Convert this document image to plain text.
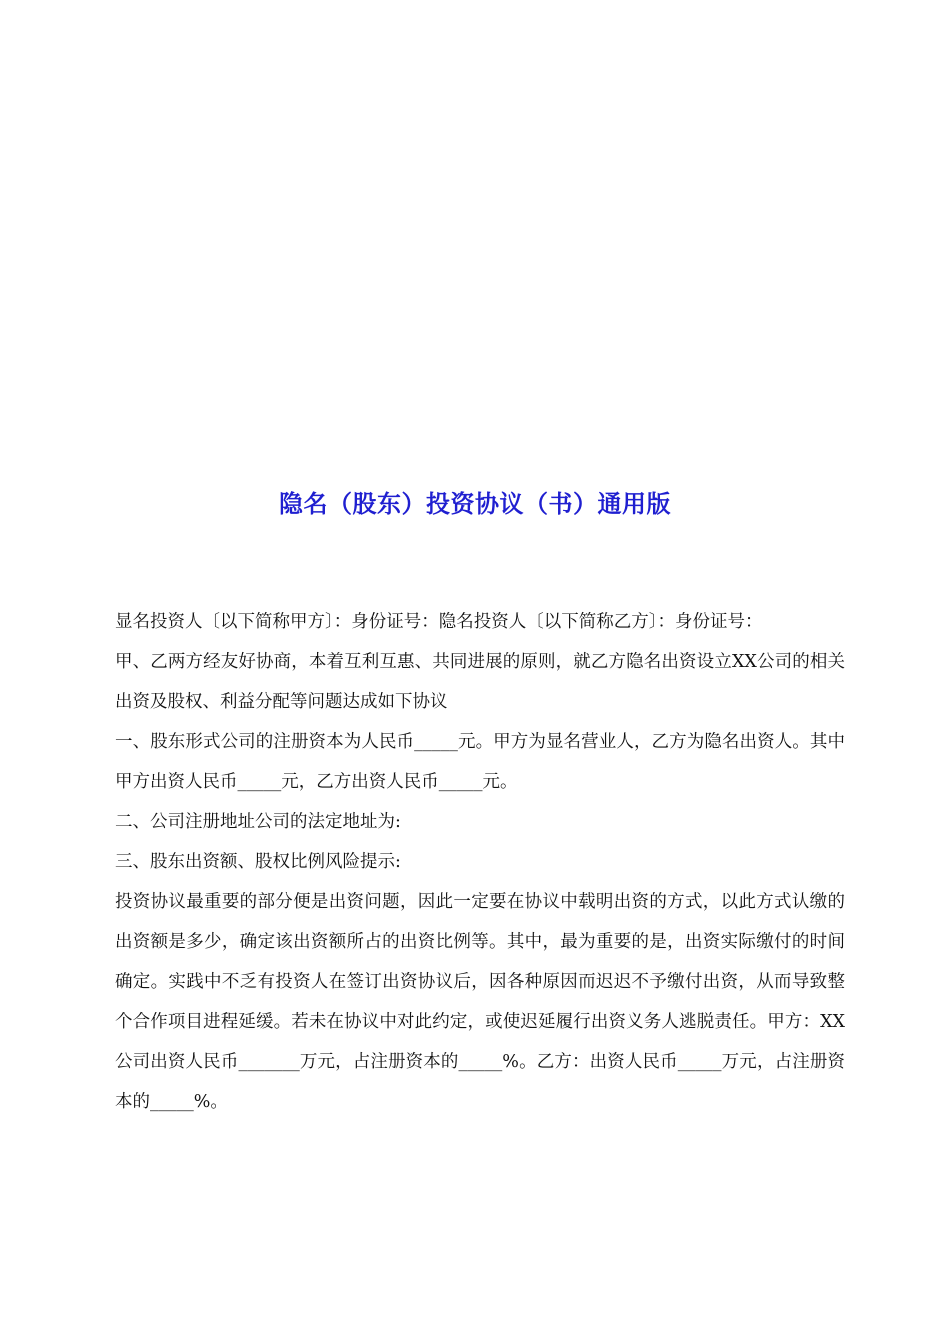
隐名（股东）投资协议（书）通用版

显名投资人〔以下简称甲方〕：身份证号：隐名投资人〔以下简称乙方〕：身份证号：

甲、乙两方经友好协商，本着互利互惠、共同进展的原则，就乙方隐名出资设立XX公司的相关出资及股权、利益分配等问题达成如下协议

一、股东形式公司的注册资本为人民币_____元。甲方为显名营业人，乙方为隐名出资人。其中甲方出资人民币_____元，乙方出资人民币_____元。

二、公司注册地址公司的法定地址为:

三、股东出资额、股权比例风险提示:

投资协议最重要的部分便是出资问题，因此一定要在协议中载明出资的方式，以此方式认缴的出资额是多少，确定该出资额所占的出资比例等。其中，最为重要的是，出资实际缴付的时间确定。实践中不乏有投资人在签订出资协议后，因各种原因而迟迟不予缴付出资，从而导致整个合作项目进程延缓。若未在协议中对此约定，或使迟延履行出资义务人逃脱责任。甲方：XX公司出资人民币_______万元，占注册资本的_____%。乙方：出资人民币_____万元，占注册资本的_____%。
